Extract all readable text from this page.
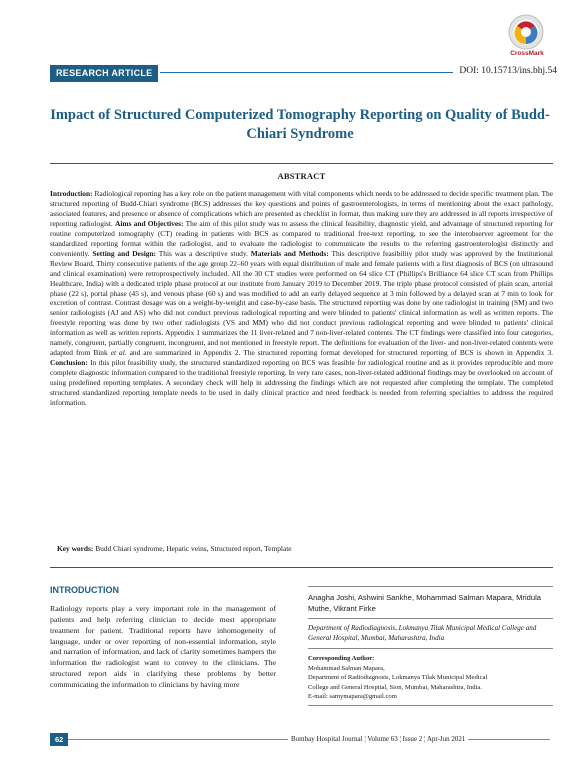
CrossMark
RESEARCH ARTICLE	DOI: 10.15713/ins.bhj.54
Impact of Structured Computerized Tomography Reporting on Quality of Budd-Chiari Syndrome
ABSTRACT

Introduction: Radiological reporting has a key role on the patient management with vital components which needs to be addressed to decide specific treatment plan. The structured reporting of Budd-Chiari syndrome (BCS) addresses the key questions and points of gastroenterologists, in terms of mentioning about the exact pathology, associated features, and presence or absence of complications which are presented as checklist in format, thus making sure they are addressed in all reports irrespective of reporting radiologist. Aims and Objectives: The aim of this pilot study was to assess the clinical feasibility, diagnostic yield, and advantage of structured reporting for routine computerized tomography (CT) reading in patients with BCS as compared to traditional free-text reporting, to see the interobserver agreement for the standardized reporting format within the radiologist, and to evaluate the radiologist to communicate the results to the referring gastroenterologist distinctly and conveniently. Setting and Design: This was a descriptive study. Materials and Methods: This descriptive feasibility pilot study was approved by the Institutional Review Board. Thirty consecutive patients of the age group 22–60 years with equal distribution of male and female patients with a first diagnosis of BCS (on ultrasound and clinical examination) were retroprospectively included. All the 30 CT studies were performed on 64 slice CT (Phillips's Brilliance 64 slice CT scan from Phillips Healthcare, India) with a dedicated triple phase protocol at our institute from January 2019 to December 2019. The triple phase protocol consisted of plain scan, arterial phase (22 s), portal phase (45 s), and venous phase (60 s) and was modified to add an early delayed sequence at 3 min followed by a delayed scan at 7 min to look for excretion of contrast. Contrast dosage was on a weight-by-weight and case-by-case basis. The structured reporting was done by one radiologist in training (SM) and two senior radiologists (AJ and AS) who did not conduct previous radiological reporting and were blinded to patients' clinical information as well as written reports. The freestyle reporting was done by two other radiologists (VS and MM) who did not conduct previous radiological reporting and were blinded to patients' clinical information as well as written reports. Appendix 1 summarizes the 11 liver-related and 7 non-liver-related contents. The CT findings were classified into four categories, namely, congruent, partially congruent, incongruent, and not mentioned in freestyle report. The definitions for evaluation of the liver- and non-liver-related contents were adapted from Bink et al. and are summarized in Appendix 2. The structured reporting format developed for structured reporting of BCS is shown in Appendix 3. Conclusion: In this pilot feasibility study, the structured standardized reporting on BCS was feasible for radiological routine and as it provides reproducible and more complete diagnostic information compared to the traditional freestyle reporting. In very rare cases, non-liver-related additional findings may be overlooked on account of using predefined reporting templates. A secondary check will help in addressing the findings which are not requested after completing the template. The completed structured standardized reporting template needs to be used in daily clinical practice and need feedback is needed from referring specialties to address the required information.

Key words: Budd Chiari syndrome, Hepatic veins, Structured report, Template
INTRODUCTION

Radiology reports play a very important role in the management of patients and help referring clinician to decide most appropriate treatment for patient. Traditional reports have inhomogeneity of language, under or over reporting of non-essential information, style and narration of information, and lack of clarity sometimes hampers the information the radiologist want to convey to the clinicians. The structured report aids in clarifying these problems by better communicating the information to clinicians by having more

Anagha Joshi, Ashwini Sankhe, Mohammad Salman Mapara, Mridula Muthe, Vikrant Firke
Department of Radiodiagnosis, Lokmanya Tilak Municipal Medical College and General Hospital, Mumbai, Maharashtra, India
Corresponding Author:
Mohammad Salman Mapara,
Department of Radiodiagnosis, Lokmanya Tilak Municipal Medical
College and General Hospital, Sion, Mumbai, Maharashtra, India.
E-mail: samymapara@gmail.com
62	Bombay Hospital Journal ¦ Volume 63 ¦ Issue 2 ¦ Apr-Jun 2021
